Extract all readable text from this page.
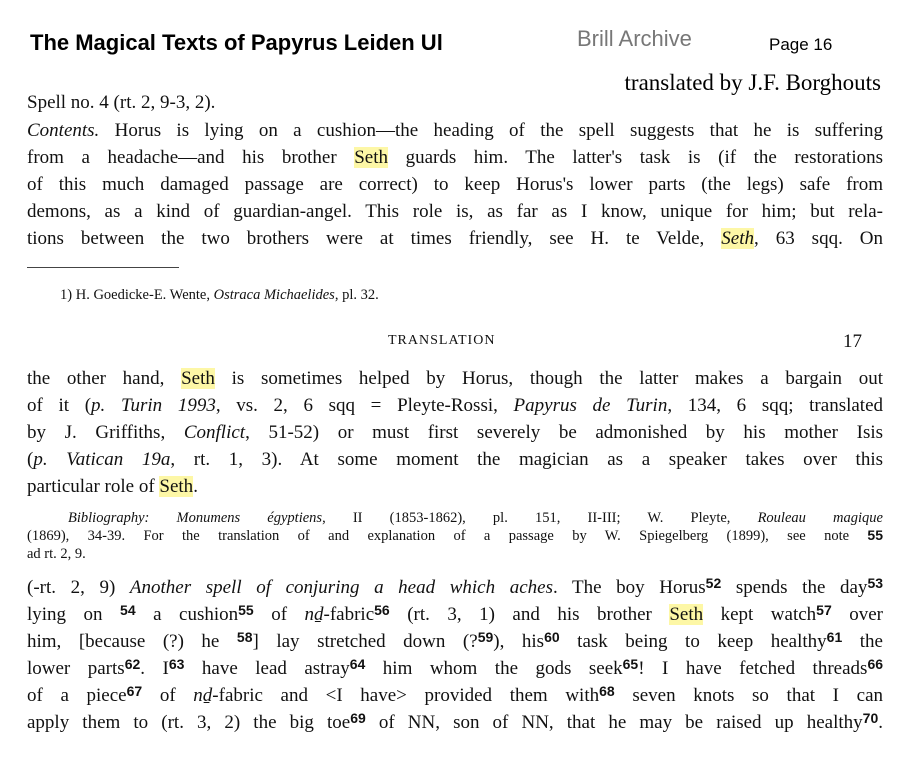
The Magical Texts of Papyrus Leiden Ul	Brill Archive	Page 16
translated by J.F. Borghouts
Spell no. 4 (rt. 2, 9-3, 2).
Contents. Horus is lying on a cushion—the heading of the spell suggests that he is suffering
from a headache—and his brother Seth guards him. The latter's task is (if the restorations
of this much damaged passage are correct) to keep Horus's lower parts (the legs) safe from
demons, as a kind of guardian-angel. This role is, as far as I know, unique for him; but rela-
tions between the two brothers were at times friendly, see H. te Velde, Seth, 63 sqq. On
1) H. Goedicke-E. Wente, Ostraca Michaelides, pl. 32.
TRANSLATION	17
the other hand, Seth is sometimes helped by Horus, though the latter makes a bargain out
of it (p. Turin 1993, vs. 2, 6 sqq = Pleyte-Rossi, Papyrus de Turin, 134, 6 sqq; translated
by J. Griffiths, Conflict, 51-52) or must first severely be admonished by his mother Isis
(p. Vatican 19a, rt. 1, 3). At some moment the magician as a speaker takes over this
particular role of Seth.
Bibliography: Monumens égyptiens, II (1853-1862), pl. 151, II-III; W. Pleyte, Rouleau magique
(1869), 34-39. For the translation of and explanation of a passage by W. Spiegelberg (1899), see note 55
ad rt. 2, 9.
(-rt. 2, 9) Another spell of conjuring a head which aches. The boy Horus$^{52}$ spends the day$^{53}$
lying on $^{54}$ a cushion$^{55}$ of nḏ-fabric$^{56}$ (rt. 3, 1) and his brother Seth kept watch$^{57}$ over
him, [because (?) he $^{58}$] lay stretched down (?$^{59}$), his$^{60}$ task being to keep healthy$^{61}$ the
lower parts$^{62}$. $I^{63}$ have lead astray$^{64}$ him whom the gods seek$^{65}$! I have fetched threads$^{66}$
of a piece$^{67}$ of nḏ-fabric and <I have> provided them with$^{68}$ seven knots so that I can
apply them to (rt. 3, 2) the big toe$^{69}$ of NN, son of NN, that he may be raised up healthy$^{70}$.
